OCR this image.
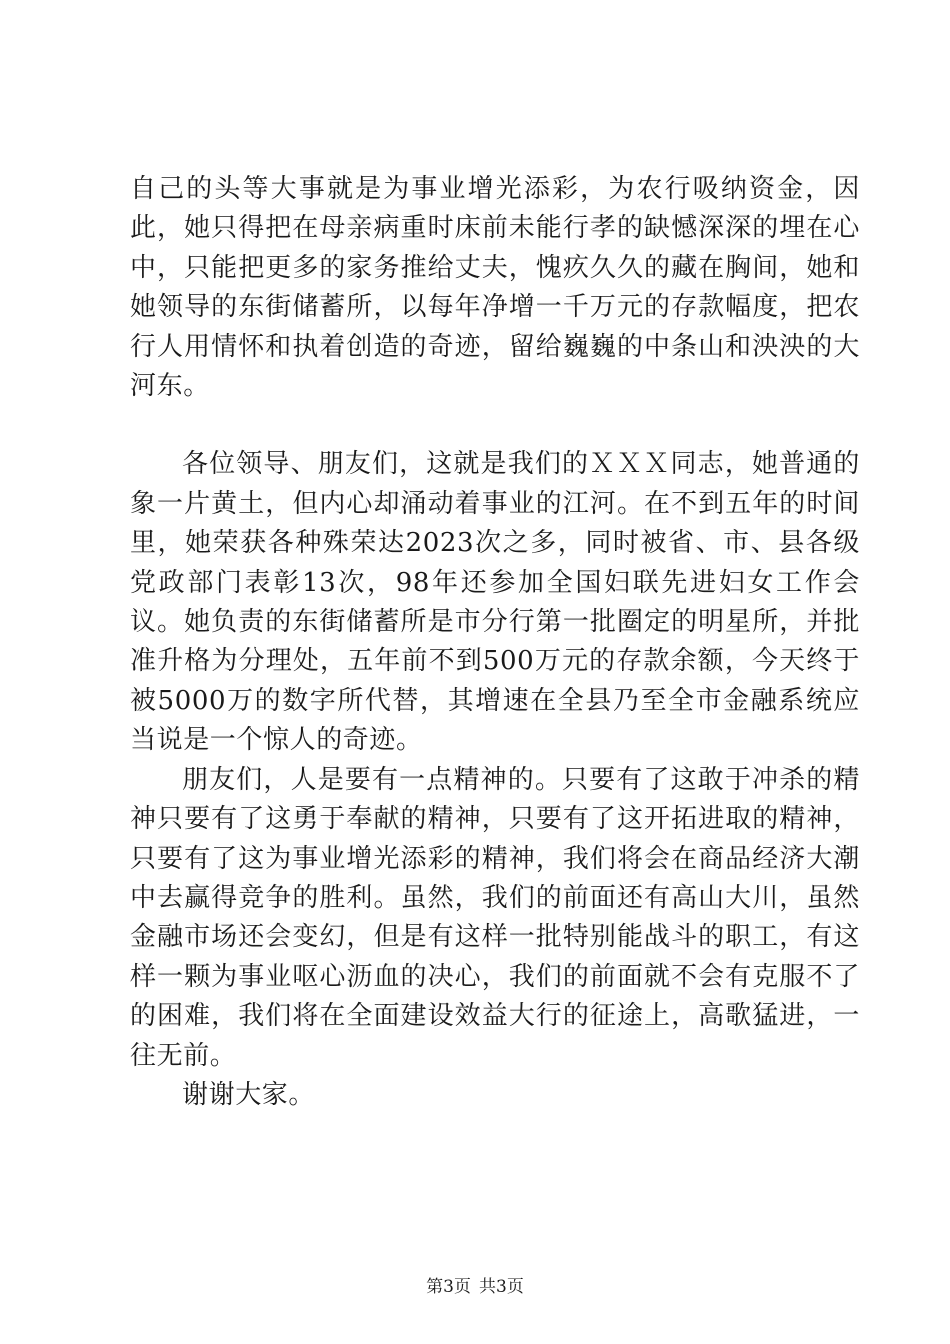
自己的头等大事就是为事业增光添彩，为农行吸纳资金，因此，她只得把在母亲病重时床前未能行孝的缺憾深深的埋在心中，只能把更多的家务推给丈夫，愧疚久久的藏在胸间，她和她领导的东街储蓄所，以每年净增一千万元的存款幅度，把农行人用情怀和执着创造的奇迹，留给巍巍的中条山和泱泱的大河东。

各位领导、朋友们，这就是我们的ＸＸＸ同志，她普通的象一片黄土，但内心却涌动着事业的江河。在不到五年的时间里，她荣获各种殊荣达2023次之多，同时被省、市、县各级党政部门表彰13次，98年还参加全国妇联先进妇女工作会议。她负责的东街储蓄所是市分行第一批圈定的明星所，并批准升格为分理处，五年前不到500万元的存款余额，今天终于被5000万的数字所代替，其增速在全县乃至全市金融系统应当说是一个惊人的奇迹。

朋友们，人是要有一点精神的。只要有了这敢于冲杀的精神只要有了这勇于奉献的精神，只要有了这开拓进取的精神，只要有了这为事业增光添彩的精神，我们将会在商品经济大潮中去赢得竞争的胜利。虽然，我们的前面还有高山大川，虽然金融市场还会变幻，但是有这样一批特别能战斗的职工，有这样一颗为事业呕心沥血的决心，我们的前面就不会有克服不了的困难，我们将在全面建设效益大行的征途上，高歌猛进，一往无前。

谢谢大家。

第3页 共3页
